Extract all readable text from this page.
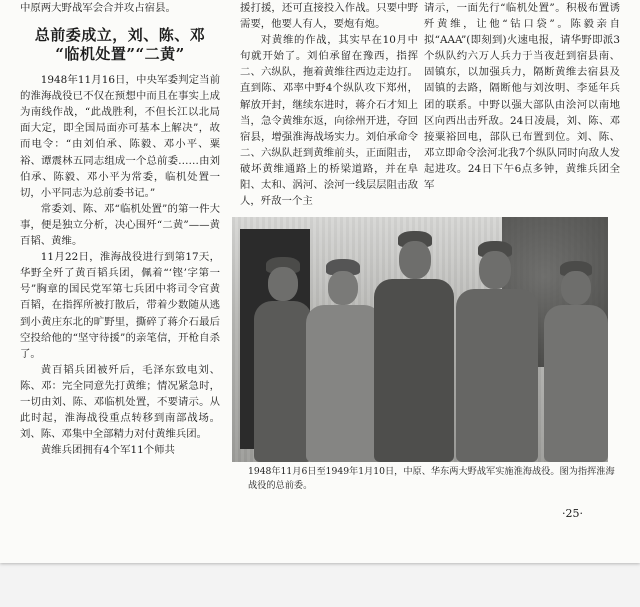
中原两大野战军会合并攻占宿县。

总前委成立，刘、陈、邓
“临机处置”“二黄”

1948年11月16日，中央军委判定当前的淮海战役已不仅在预想中而且在事实上成为南线作战，“此战胜利，不但长江以北局面大定，即全国局面亦可基本上解决”，故而电令：“由刘伯承、陈毅、邓小平、粟裕、谭震林五同志组成一个总前委……由刘伯承、陈毅、邓小平为常委，临机处置一切，小平同志为总前委书记。”

常委刘、陈、邓“临机处置”的第一件大事，便是独立分析，决心围歼“二黄”——黄百韬、黄维。

11月22日，淮海战役进行到第17天，华野全歼了黄百韬兵团，佩着“‘铿’字第一号”胸章的国民党军第七兵团中将司令官黄百韬，在指挥所被打散后，带着少数随从逃到小黄庄东北的旷野里，撕碎了蒋介石最后空投给他的“坚守待援”的亲笔信，开枪自杀了。

黄百韬兵团被歼后，毛泽东致电刘、陈、邓：完全同意先打黄维；情况紧急时，一切由刘、陈、邓临机处置，不要请示。从此时起，淮海战役重点转移到南部战场。刘、陈、邓集中全部精力对付黄维兵团。

黄维兵团拥有4个军11个师共

援打援，还可直接投入作战。只要中野需要，他要人有人，要炮有炮。

对黄维的作战，其实早在10月中旬就开始了。刘伯承留在豫西，指挥二、六纵队，拖着黄维往西边走边打。直到陈、邓率中野4个纵队攻下郑州，解放开封，继续东进时，蒋介石才知上当，急令黄维东返，向徐州开进，夺回宿县，增强淮海战场实力。刘伯承命令二、六纵队赶到黄维前头，正面阻击，破坏黄维通路上的桥梁道路，并在阜阳、太和、涡河、浍河一线层层阻击敌人，歼敌一个主

请示，一面先行“临机处置”。积极布置诱歼黄维，让他“钻口袋”。陈毅亲自拟“AAA”(即刻到)火速电报，请华野即派3个纵队约六万人兵力于当夜赶到宿县南、固镇东，以加强兵力，隔断黄维去宿县及固镇的去路，隔断他与刘汝明、李延年兵团的联系。中野以强大部队由浍河以南地区向西出击歼敌。24日凌晨，刘、陈、邓接粟裕回电，部队已布置到位。刘、陈、邓立即命令浍河北我7个纵队同时向敌人发起进攻。24日下午6点多钟，黄维兵团全军

1948年11月6日至1949年1月10日，中原、华东两大野战军实施淮海战役。图为指挥淮海战役的总前委。
·25·
